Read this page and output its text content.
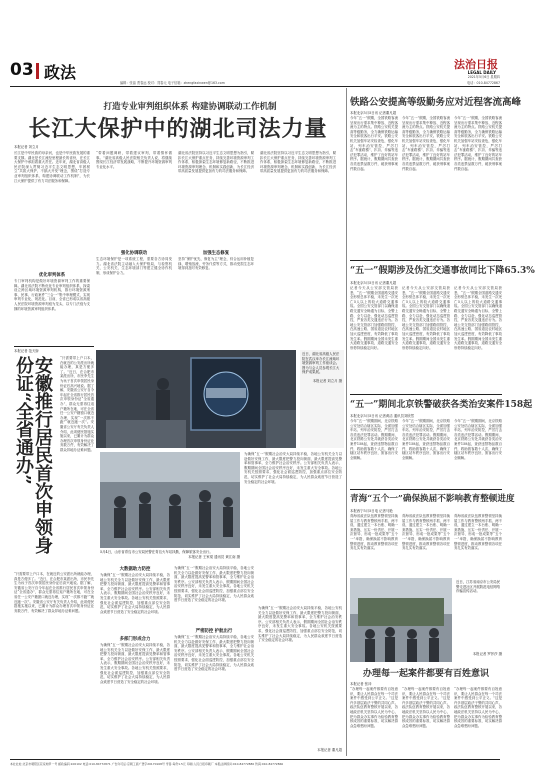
03 政法	法治日报
LEGAL DAILY
编辑：张晶 贾春远 校对：郑春元 电子信箱：zhengfaxinwen@163.com
2021年5月6日 星期四
电话：010-84772867
打造专业审判组织体系 构建协调联动工作机制
长江大保护中的湖北司法力量
本报记者 刘立月
长江是中华民族的母亲河，也是中华民族发展的重要支撑。湖北是长江流经里程最长的省份，在长江大保护中承担着重大责任。近年来，湖北省高级人民法院深入贯彻习近平生态文明思想，牢固树立“共抓大保护、不搞大开发”理念，围绕“打造专业审判组织体系、构建协调联动工作机制”，为长江大保护提供了有力司法服务和保障。
优化审判体系
专门审判机构是做好环境资源审判工作的重要保障。湖北省法院不断优化专业审判组织体系，探索设立跨区域环境资源审判机构，推行环境资源刑事、民事、行政案件“三合一”集中审理模式，实现审判专业化、规范化。目前，全省已形成以省高级人民法院环境资源审判庭为龙头，以专门法庭为支撑的环境资源审判组织体系。
“带着问题调研，带着建议审判，带着情怀做事。”湖北省高级人民法院相关负责人说，将继续围绕长江经济带发展战略，不断提升环境资源审判专业化水平。
强化协调联动
生态环境保护是一项系统工程，需要各方协同发力。湖北省法院主动融入大保护格局，与检察机关、公安机关、生态环境部门等建立健全协作机制，形成保护合力。
湖北省法院坚持以习近平生态文明思想为指引，紧扣长江大保护重点任务，持续完善环境资源审判工作体系，积极探索生态环境修复新路径，不断推进环境资源审判理念、机制和实践创新，为长江经济带高质量发展提供更加有力的司法服务和保障。
加强生态修复
坚持“保护优先、修复为主”理念，综合运用补植复绿、增殖放流、劳务代偿等方式，推动受损生态环境得到及时有效修复。
湖北省法院坚持以习近平生态文明思想为指引，紧扣长江大保护重点任务，持续完善环境资源审判工作体系，积极探索生态环境修复新路径，不断推进环境资源审判理念、机制和实践创新，为长江经济带高质量发展提供更加有力的司法服务和保障。
近日，湖北省高级人民法院在武汉举办长江流域环境资源审判工作座谈会。图为与会人员参观长江大保护成果展。
本报记者 刘立月 摄
本报记者 范天娇
安徽推行居民首次申领身份证“全省通办”	“只需要带上户口本，在就近的公安派出所就能办理，真是方便多了。”近日，在合肥市某派出所，市民李先生为孩子首次申领居民身份证后高兴地说。据了解，安徽省公安厅自今年起在全省推行居民首次申领身份证“全省通办”，群众无需再往返户籍所在地，可在全省任一公安户籍窗口就近办理，实现“一次都不跑”“就近跑一次”。安徽省公安厅有关负责人介绍，此项便民措施实施以来，已累计为群众办理首次申领身份证业务数万件，有效解决了群众异地办证难问题。
“只需要带上户口本，在就近的公安派出所就能办理，真是方便多了。”近日，在合肥市某派出所，市民李先生为孩子首次申领居民身份证后高兴地说。据了解，安徽省公安厅自今年起在全省推行居民首次申领身份证“全省通办”，群众无需再往返户籍所在地，可在全省任一公安户籍窗口就近办理，实现“一次都不跑”“就近跑一次”。安徽省公安厅有关负责人介绍，此项便民措施实施以来，已累计为群众办理首次申领身份证业务数万件，有效解决了群众异地办证难问题。
5月4日，山东省青岛市公安局民警在青岛火车站执勤，保障旅客安全出行。
本报记者 王家梁 通讯员 黄江南 摄
为确保“五一”假期社会治安大局持续平稳，各地公安机关全力以赴做好安保工作，最大限度把警力投向街面，最大限度提高见警率和管事率，全力维护社会治安秩序。公安部相关负责人表示，假期期间全国社会治安秩序良好，未发生重大安全事故。各地公安机关按照要求，强化社会面巡逻防控，加强重点部位安全防范，切实维护了社会大局持续稳定，为人民群众欢度节日营造了安全稳定的社会环境。
大数据助力防控
为确保“五一”假期社会治安大局持续平稳，各地公安机关全力以赴做好安保工作，最大限度把警力投向街面，最大限度提高见警率和管事率，全力维护社会治安秩序。公安部相关负责人表示，假期期间全国社会治安秩序良好，未发生重大安全事故。各地公安机关按照要求，强化社会面巡逻防控，加强重点部位安全防范，切实维护了社会大局持续稳定，为人民群众欢度节日营造了安全稳定的社会环境。
多部门形成合力
为确保“五一”假期社会治安大局持续平稳，各地公安机关全力以赴做好安保工作，最大限度把警力投向街面，最大限度提高见警率和管事率，全力维护社会治安秩序。公安部相关负责人表示，假期期间全国社会治安秩序良好，未发生重大安全事故。各地公安机关按照要求，强化社会面巡逻防控，加强重点部位安全防范，切实维护了社会大局持续稳定，为人民群众欢度节日营造了安全稳定的社会环境。
为确保“五一”假期社会治安大局持续平稳，各地公安机关全力以赴做好安保工作，最大限度把警力投向街面，最大限度提高见警率和管事率，全力维护社会治安秩序。公安部相关负责人表示，假期期间全国社会治安秩序良好，未发生重大安全事故。各地公安机关按照要求，强化社会面巡逻防控，加强重点部位安全防范，切实维护了社会大局持续稳定，为人民群众欢度节日营造了安全稳定的社会环境。
严密防控 护航出行
为确保“五一”假期社会治安大局持续平稳，各地公安机关全力以赴做好安保工作，最大限度把警力投向街面，最大限度提高见警率和管事率，全力维护社会治安秩序。公安部相关负责人表示，假期期间全国社会治安秩序良好，未发生重大安全事故。各地公安机关按照要求，强化社会面巡逻防控，加强重点部位安全防范，切实维护了社会大局持续稳定，为人民群众欢度节日营造了安全稳定的社会环境。
为确保“五一”假期社会治安大局持续平稳，各地公安机关全力以赴做好安保工作，最大限度把警力投向街面，最大限度提高见警率和管事率，全力维护社会治安秩序。公安部相关负责人表示，假期期间全国社会治安秩序良好，未发生重大安全事故。各地公安机关按照要求，强化社会面巡逻防控，加强重点部位安全防范，切实维护了社会大局持续稳定，为人民群众欢度节日营造了安全稳定的社会环境。
本报记者 董凡超
铁路公安提高等级勤务应对近程客流高峰
本报北京5月5日讯 记者董凡超
今年“五一”假期，全国铁路客流呈现出行需求集中释放、近程客流为主的特点。铁路公安机关提高等级勤务，全力确保铁路运输安全和旅客出行平安。铁路公安机关加强车站安检查危，强化车站、列车治安管控，严厉打击“车匪路霸”、扒窃、诈骗等违法犯罪活动，维护了良好的站车秩序。据统计，假期期间共查获各类违禁品数万件，破获刑事案件数百起。
今年“五一”假期，全国铁路客流呈现出行需求集中释放、近程客流为主的特点。铁路公安机关提高等级勤务，全力确保铁路运输安全和旅客出行平安。铁路公安机关加强车站安检查危，强化车站、列车治安管控，严厉打击“车匪路霸”、扒窃、诈骗等违法犯罪活动，维护了良好的站车秩序。据统计，假期期间共查获各类违禁品数万件，破获刑事案件数百起。
今年“五一”假期，全国铁路客流呈现出行需求集中释放、近程客流为主的特点。铁路公安机关提高等级勤务，全力确保铁路运输安全和旅客出行平安。铁路公安机关加强车站安检查危，强化车站、列车治安管控，严厉打击“车匪路霸”、扒窃、诈骗等违法犯罪活动，维护了良好的站车秩序。据统计，假期期间共查获各类违禁品数万件，破获刑事案件数百起。
“五一”假期涉及伪汇交通事故同比下降65.3%
本报北京5月5日讯 记者董凡超
记者今天从公安部交管局获悉，“五一”假期全国道路交通安全形势总体平稳，未发生一次死亡5人以上的较大道路交通事故。全国公安交管部门以确保道路交通安全畅通为目标，全警上路、全力以赴，强化动态巡逻管控，严查各类交通违法行为。各地公安交管部门加强路面管控，在高速公路、国省道及农村地区加大巡逻密度，有效降低了事故发生率。假期期间全国未发生重大道路交通事故，道路交通安全形势持续稳定向好。
记者今天从公安部交管局获悉，“五一”假期全国道路交通安全形势总体平稳，未发生一次死亡5人以上的较大道路交通事故。全国公安交管部门以确保道路交通安全畅通为目标，全警上路、全力以赴，强化动态巡逻管控，严查各类交通违法行为。各地公安交管部门加强路面管控，在高速公路、国省道及农村地区加大巡逻密度，有效降低了事故发生率。假期期间全国未发生重大道路交通事故，道路交通安全形势持续稳定向好。
记者今天从公安部交管局获悉，“五一”假期全国道路交通安全形势总体平稳，未发生一次死亡5人以上的较大道路交通事故。全国公安交管部门以确保道路交通安全畅通为目标，全警上路、全力以赴，强化动态巡逻管控，严查各类交通违法行为。各地公安交管部门加强路面管控，在高速公路、国省道及农村地区加大巡逻密度，有效降低了事故发生率。假期期间全国未发生重大道路交通事故，道路交通安全形势持续稳定向好。
“五一”期间北京铁警破获各类治安案件158起
本报北京5月5日讯 记者黄洁 通讯员刘欣然
今年“五一”假期期间，北京铁路公安处结合辖区实际，全面加强车站、列车治安防控，严厉打击各类违法犯罪活动。假期期间，北京铁路公安处共破获各类治安案件158起，查获违禁物品数百件，救助旅客数十人次，确保了辖区站车秩序良好，旅客出行安全顺畅。
今年“五一”假期期间，北京铁路公安处结合辖区实际，全面加强车站、列车治安防控，严厉打击各类违法犯罪活动。假期期间，北京铁路公安处共破获各类治安案件158起，查获违禁物品数百件，救助旅客数十人次，确保了辖区站车秩序良好，旅客出行安全顺畅。
今年“五一”假期期间，北京铁路公安处结合辖区实际，全面加强车站、列车治安防控，严厉打击各类违法犯罪活动。假期期间，北京铁路公安处共破获各类治安案件158起，查获违禁物品数百件，救助旅客数十人次，确保了辖区站车秩序良好，旅客出行安全顺畅。
青海“五个一”确保换届不影响教育整顿进度
本报西宁5月5日电 记者马艳
青海省政法队伍教育整顿坚持换届工作与教育整顿两手抓、两不误，通过建立一本台账、明确一套措施、压实一份责任、开展一次督导、形成一批成果等“五个一”举措，确保换届不影响教育整顿进度，推动教育整顿各项任务扎实有效落实。
青海省政法队伍教育整顿坚持换届工作与教育整顿两手抓、两不误，通过建立一本台账、明确一套措施、压实一份责任、开展一次督导、形成一批成果等“五个一”举措，确保换届不影响教育整顿进度，推动教育整顿各项任务扎实有效落实。
青海省政法队伍教育整顿坚持换届工作与教育整顿两手抓、两不误，通过建立一本台账、明确一套措施、压实一份责任、开展一次督导、形成一批成果等“五个一”举措，确保换届不影响教育整顿进度，推动教育整顿各项任务扎实有效落实。
近日，江苏省南京市公安局民警走进社区开展防范电信网络诈骗宣传活动。
本报记者 罗莎莎 摄
办理每一起案件都要有百姓意识
本报记者 张冲
“办理每一起案件都要有百姓意识，要让人民群众在每一个司法案件中感受到公平正义。”这是许多基层政法干警的共同心声。政法队伍教育整顿开展以来，各地政法机关坚持以人民为中心，把为群众办实事作为检验教育整顿成效的重要标准，切实解决群众急难愁盼问题。
“办理每一起案件都要有百姓意识，要让人民群众在每一个司法案件中感受到公平正义。”这是许多基层政法干警的共同心声。政法队伍教育整顿开展以来，各地政法机关坚持以人民为中心，把为群众办实事作为检验教育整顿成效的重要标准，切实解决群众急难愁盼问题。
“办理每一起案件都要有百姓意识，要让人民群众在每一个司法案件中感受到公平正义。”这是许多基层政法干警的共同心声。政法队伍教育整顿开展以来，各地政法机关坚持以人民为中心，把为群众办实事作为检验教育整顿成效的重要标准，切实解决群众急难愁盼问题。
本社社址:北京市朝阳区花家地甲一号 邮政编码:100102 电话:010-84772871 广告许可证:京朝工商广登字20170168号 零售:每份1.5元 印刷:人民日报印刷厂 本报法律顾问:010-84772880 传真:010-84772866
